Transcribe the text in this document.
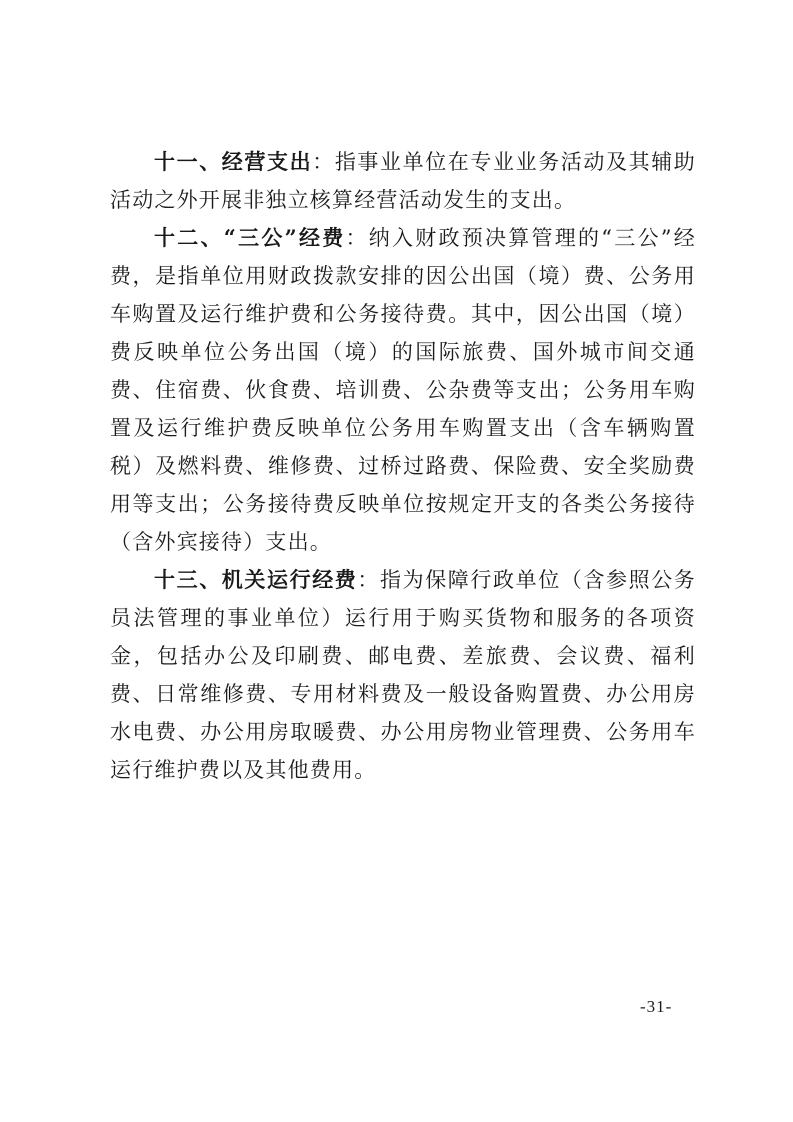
十一、经营支出：指事业单位在专业业务活动及其辅助活动之外开展非独立核算经营活动发生的支出。

十二、“三公”经费：纳入财政预决算管理的“三公”经费，是指单位用财政拨款安排的因公出国（境）费、公务用车购置及运行维护费和公务接待费。其中，因公出国（境）费反映单位公务出国（境）的国际旅费、国外城市间交通费、住宿费、伙食费、培训费、公杂费等支出；公务用车购置及运行维护费反映单位公务用车购置支出（含车辆购置税）及燃料费、维修费、过桥过路费、保险费、安全奖励费用等支出；公务接待费反映单位按规定开支的各类公务接待（含外宾接待）支出。

十三、机关运行经费：指为保障行政单位（含参照公务员法管理的事业单位）运行用于购买货物和服务的各项资金，包括办公及印刷费、邮电费、差旅费、会议费、福利费、日常维修费、专用材料费及一般设备购置费、办公用房水电费、办公用房取暖费、办公用房物业管理费、公务用车运行维护费以及其他费用。

-31-
